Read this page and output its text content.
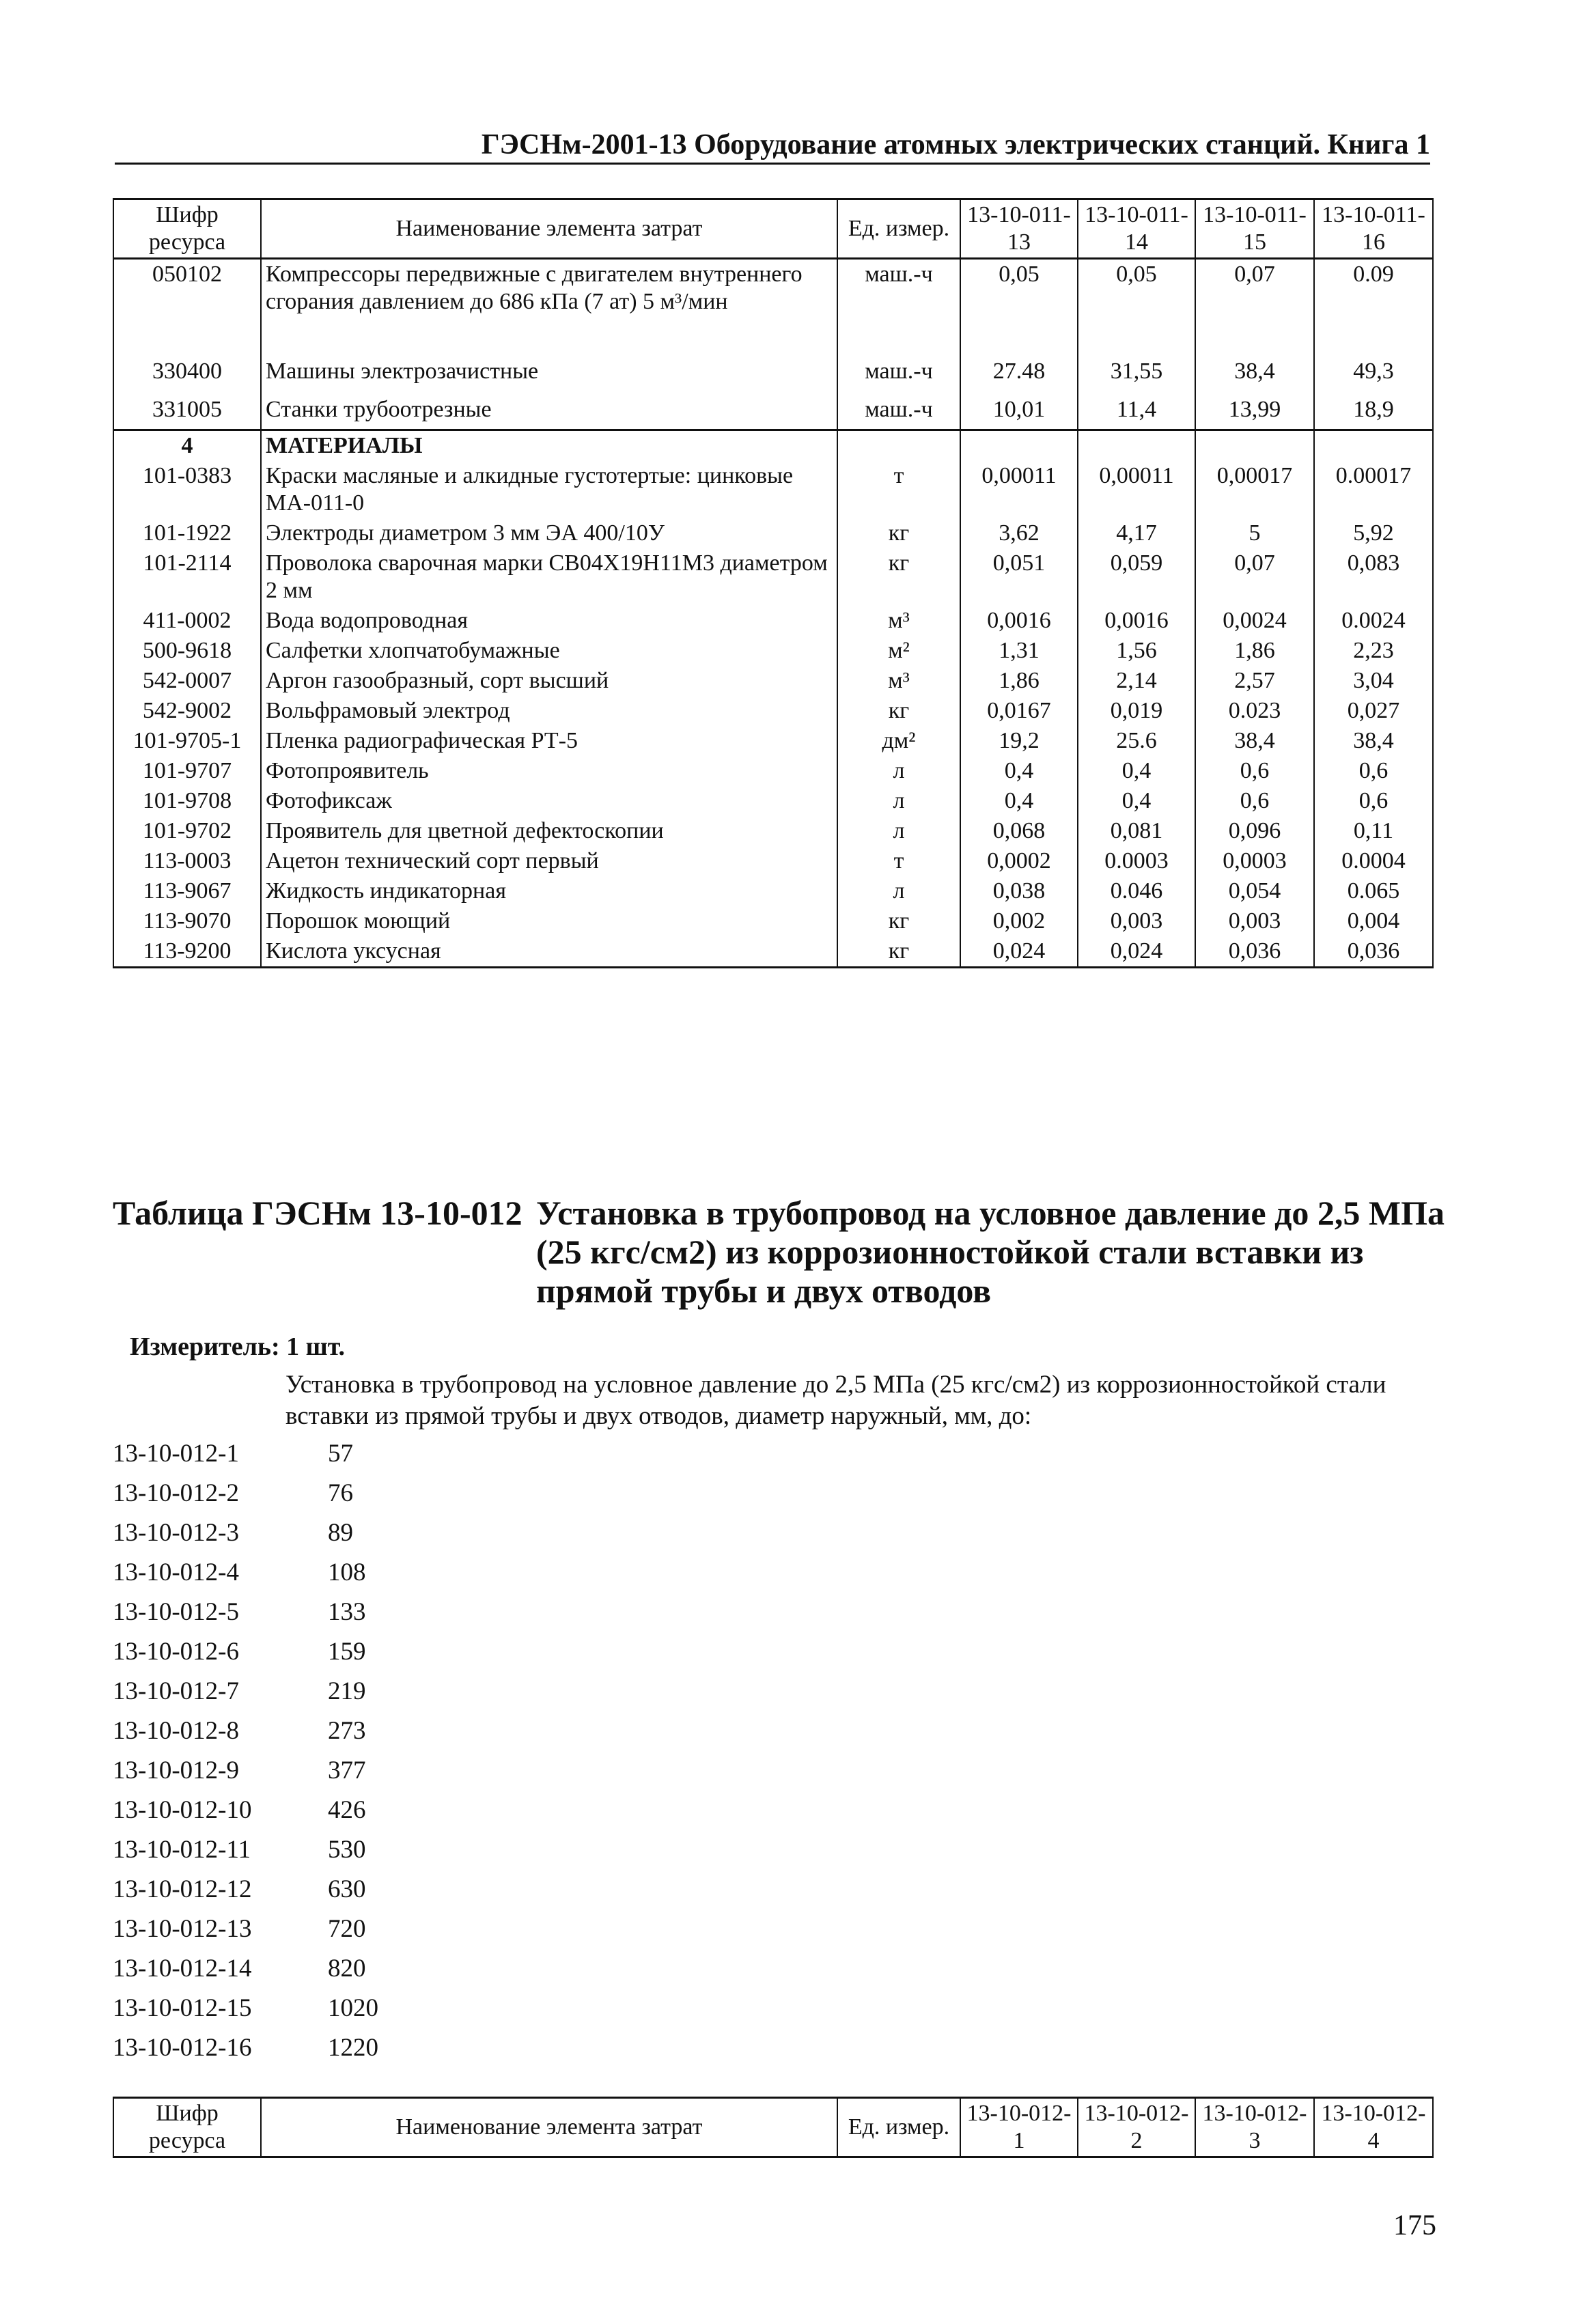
ГЭСНм-2001-13 Оборудование атомных электрических станций. Книга 1
Шифр ресурса	Наименование элемента затрат	Ед. измер.	13-10-011-13	13-10-011-14	13-10-011-15	13-10-011-16
050102	Компрессоры передвижные с двигателем внутреннего сгорания давлением до 686 кПа (7 ат) 5 м³/мин	маш.-ч	0,05	0,05	0,07	0.09
330400	Машины электрозачистные	маш.-ч	27.48	31,55	38,4	49,3
331005	Станки трубоотрезные	маш.-ч	10,01	11,4	13,99	18,9
4	МАТЕРИАЛЫ					
101-0383	Краски масляные и алкидные густотертые: цинковые МА-011-0	т	0,00011	0,00011	0,00017	0.00017
101-1922	Электроды диаметром 3 мм ЭА 400/10У	кг	3,62	4,17	5	5,92
101-2114	Проволока сварочная марки СВ04Х19Н11М3 диаметром 2 мм	кг	0,051	0,059	0,07	0,083
411-0002	Вода водопроводная	м³	0,0016	0,0016	0,0024	0.0024
500-9618	Салфетки хлопчатобумажные	м²	1,31	1,56	1,86	2,23
542-0007	Аргон газообразный, сорт высший	м³	1,86	2,14	2,57	3,04
542-9002	Вольфрамовый электрод	кг	0,0167	0,019	0.023	0,027
101-9705-1	Пленка радиографическая РТ-5	дм²	19,2	25.6	38,4	38,4
101-9707	Фотопроявитель	л	0,4	0,4	0,6	0,6
101-9708	Фотофиксаж	л	0,4	0,4	0,6	0,6
101-9702	Проявитель для цветной дефектоскопии	л	0,068	0,081	0,096	0,11
113-0003	Ацетон технический сорт первый	т	0,0002	0.0003	0,0003	0.0004
113-9067	Жидкость индикаторная	л	0,038	0.046	0,054	0.065
113-9070	Порошок моющий	кг	0,002	0,003	0,003	0,004
113-9200	Кислота уксусная	кг	0,024	0,024	0,036	0,036
Таблица ГЭСНм 13-10-012 Установка в трубопровод на условное давление до 2,5 МПа (25 кгс/см2) из коррозионностойкой стали вставки из прямой трубы и двух отводов
Измеритель: 1 шт.
Установка в трубопровод на условное давление до 2,5 МПа (25 кгс/см2) из коррозионностойкой стали вставки из прямой трубы и двух отводов, диаметр наружный, мм, до:
13-10-012-1	57
13-10-012-2	76
13-10-012-3	89
13-10-012-4	108
13-10-012-5	133
13-10-012-6	159
13-10-012-7	219
13-10-012-8	273
13-10-012-9	377
13-10-012-10	426
13-10-012-11	530
13-10-012-12	630
13-10-012-13	720
13-10-012-14	820
13-10-012-15	1020
13-10-012-16	1220
Шифр ресурса	Наименование элемента затрат	Ед. измер.	13-10-012-1	13-10-012-2	13-10-012-3	13-10-012-4
175
